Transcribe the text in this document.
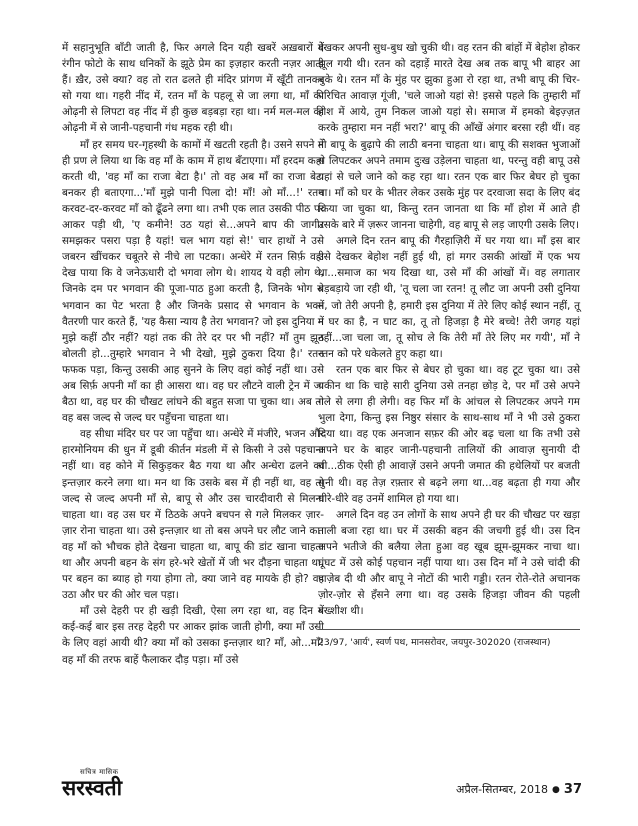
में सहानुभूति बाँटी जाती है, फिर अगले दिन यही खबरें अख़बारों में रंगीन फोटो के साथ धनिकों के झूठे प्रेम का इज़हार करती नज़र आती हैं। ख़ैर, उसे क्या? वह तो रात ढलते ही मंदिर प्रांगण में खूँटी तानकर सो गया था। गहरी नींद में, रतन माँ के पहलू से जा लगा था, माँ की ओढ़नी से लिपटा वह नींद में ही कुछ बड़बड़ा रहा था। नर्म मल-मल की ओढ़नी में से जानी-पहचानी गंध महक रही थी।

माँ हर समय घर-गृहस्थी के कामों में खटती रहती है। उसने सपने में ही प्रण ले लिया था कि वह माँ के काम में हाथ बँटाएगा। माँ हरदम कहा करती थी, 'वह माँ का राजा बेटा है।' तो वह अब माँ का राजा बेटा बनकर ही बताएगा...'माँ मुझे पानी पिला दो! माँ! ओ माँ...!' रतन करवट-दर-करवट माँ को ढूँढने लगा था। तभी एक लात उसकी पीठ पर आकर पड़ी थी, 'ए कमीने! उठ यहां से...अपने बाप की जागीर समझकर पसरा पड़ा है यहां! चल भाग यहां से!' चार हाथों ने उसे जबरन खींचकर चबूतरे से नीचे ला पटका। अन्धेरे में रतन सिर्फ़ वही देख पाया कि वे जनेऊधारी दो भगवा लोग थे। शायद ये वही लोग थे, जिनके दम पर भगवान की पूजा-पाठ हुआ करती है, जिनके भोग से भगवान का पेट भरता है और जिनके प्रसाद से भगवान के भक्त वैतरणी पार करते हैं, 'यह कैसा न्याय है तेरा भगवान? जो इस दुनिया में मुझे कहीं ठौर नहीं? यहां तक की तेरे दर पर भी नहीं? माँ तुम झूठ बोलती हो...तुम्हारे भगवान ने भी देखो, मुझे ठुकरा दिया है।' रतन फफक पड़ा, किन्तु उसकी आह सुनने के लिए वहां कोई नहीं था। उसे अब सिर्फ़ अपनी माँ का ही आसरा था। वह घर लौटने वाली ट्रेन में जा बैठा था, वह घर की चौखट लांघने की बहुत सजा पा चुका था। अब तो वह बस जल्द से जल्द घर पहुँचना चाहता था।

वह सीधा मंदिर घर पर जा पहुँचा था। अन्धेरे में मंजीरे, भजन और हारमोनियम की धुन में डूबी कीर्तन मंडली में से किसी ने उसे पहचाना नहीं था। वह कोने में सिकुड़कर बैठ गया था और अन्धेरा ढलने का इन्तज़ार करने लगा था। मन था कि उसके बस में ही नहीं था, वह तो जल्द से जल्द अपनी माँ से, बापू से और उस चारदीवारी से मिलना चाहता था। वह उस घर में ठिठके अपने बचपन से गले मिलकर ज़ार-ज़ार रोना चाहता था। उसे इन्तज़ार था तो बस अपने घर लौट जाने का। वह माँ को भौचक होते देखना चाहता था, बापू की डांट खाना चाहता था और अपनी बहन के संग हरे-भरे खेतों में जी भर दौड़ना चाहता था, पर बहन का ब्याह हो गया होगा तो, क्या जाने वह मायके ही हो? वह उठा और घर की ओर चल पड़ा।

माँ उसे देहरी पर ही खड़ी दिखी, ऐसा लग रहा था, वह दिन में कई-कई बार इस तरह देहरी पर आकर झांक जाती होगी, क्या माँ उसी के लिए वहां आयी थी? क्या माँ को उसका इन्तज़ार था? माँ, ओ...माँ! वह माँ की तरफ बाहें फैलाकर दौड़ पड़ा। माँ उसे

देखकर अपनी सुध-बुध खो चुकी थी। वह रतन की बांहों में बेहोश होकर झूल गयी थी। रतन को दहाड़ें मारते देख अब तक बापू भी बाहर आ चुके थे। रतन माँ के मुंह पर झुका हुआ रो रहा था, तभी बापू की चिर-परिचित आवाज़ गूंजी, 'चले जाओ यहां से! इससे पहले कि तुम्हारी माँ होश में आये, तुम निकल जाओ यहां से। समाज में हमको बेइज़्ज़त करके तुम्हारा मन नहीं भरा?' बापू की आँखें अंगार बरसा रही थीं। वह तो बापू के बुढ़ापे की लाठी बनना चाहता था। बापू की सशक्त भुजाओं से लिपटकर अपने तमाम दुःख उड़ेलना चाहता था, परन्तु वही बापू उसे यहां से चले जाने को कह रहा था। रतन एक बार फिर बेघर हो चुका था। माँ को घर के भीतर लेकर उसके मुंह पर दरवाजा सदा के लिए बंद किया जा चुका था, किन्तु रतन जानता था कि माँ होश में आते ही उसके बारे में ज़रूर जानना चाहेगी, वह बापू से लड़ जाएगी उसके लिए।

अगले दिन रतन बापू की गैरहाज़िरी में घर गया था। माँ इस बार उसे देखकर बेहोश नहीं हुई थी, हां मगर उसकी आंखों में एक भय था...समाज का भय दिखा था, उसे माँ की आंखों में। वह लगातार बड़बड़ाये जा रही थी, 'तू चला जा रतन! तू लौट जा अपनी उसी दुनिया में, जो तेरी अपनी है, हमारी इस दुनिया में तेरे लिए कोई स्थान नहीं, तू न घर का है, न घाट का, तू तो हिजड़ा है मेरे बच्चे! तेरी जगह यहां नहीं...जा चला जा, तू सोच ले कि तेरी माँ तेरे लिए मर गयी', माँ ने रतन को परे धकेलते हुए कहा था।

रतन एक बार फिर से बेघर हो चुका था। वह टूट चुका था। उसे यकीन था कि चाहे सारी दुनिया उसे तनहा छोड़ दे, पर माँ उसे अपने गले से लगा ही लेगी। वह फिर माँ के आंचल से लिपटकर अपने गम भुला देगा, किन्तु इस निष्ठुर संसार के साथ-साथ माँ ने भी उसे ठुकरा दिया था। वह एक अनजान सफ़र की ओर बढ़ चला था कि तभी उसे अपने घर के बाहर जानी-पहचानी तालियों की आवाज़ सुनायी दी थी...ठीक ऐसी ही आवाज़ें उसने अपनी जमात की हथेलियों पर बजती सुनी थी। वह तेज़ रफ़्तार से बढ़ने लगा था...वह बढ़ता ही गया और धीरे-धीरे वह उनमें शामिल हो गया था।

अगले दिन वह उन लोगों के साथ अपने ही घर की चौखट पर खड़ा ताली बजा रहा था। घर में उसकी बहन की जचगी हुई थी। उस दिन अपने भतीजे की बलैया लेता हुआ वह खूब झूम-झूमकर नाचा था। घूंघट में उसे कोई पहचान नहीं पाया था। उस दिन माँ ने उसे चांदी की पाज़ेब दी थी और बापू ने नोटों की भारी गड्डी। रतन रोते-रोते अचानक ज़ोर-ज़ोर से हँसने लगा था। वह उसके हिजड़ा जीवन की पहली बख्शीश थी।

23/97, 'आर्य', स्वर्ण पथ, मानसरोवर, जयपुर-302020 (राजस्थान)
सचित्र मासिक
सरस्वती	अप्रैल-सितम्बर, 2018 ● 37
